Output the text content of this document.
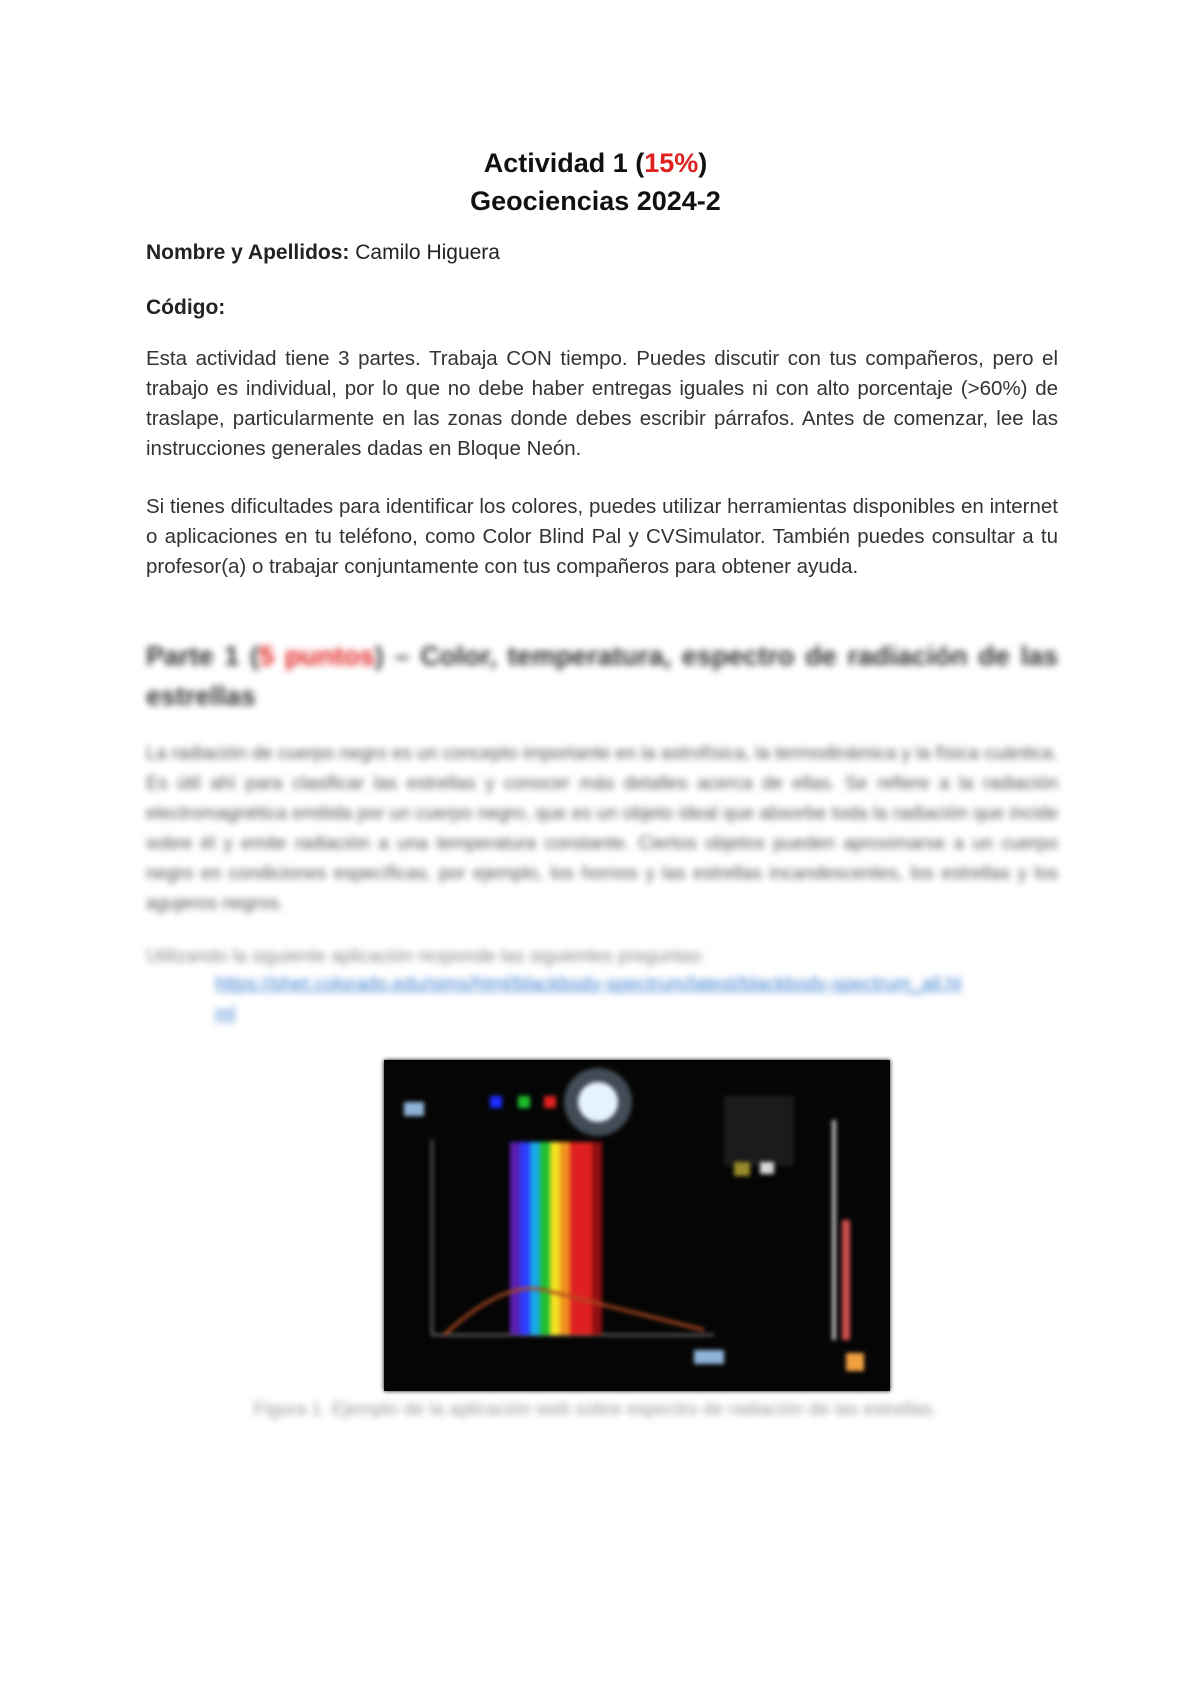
Actividad 1 (15%)
Geociencias 2024-2
Nombre y Apellidos: Camilo Higuera
Código:
Esta actividad tiene 3 partes. Trabaja CON tiempo. Puedes discutir con tus compañeros, pero el trabajo es individual, por lo que no debe haber entregas iguales ni con alto porcentaje (>60%) de traslape, particularmente en las zonas donde debes escribir párrafos. Antes de comenzar, lee las instrucciones generales dadas en Bloque Neón.
Si tienes dificultades para identificar los colores, puedes utilizar herramientas disponibles en internet o aplicaciones en tu teléfono, como Color Blind Pal y CVSimulator. También puedes consultar a tu profesor(a) o trabajar conjuntamente con tus compañeros para obtener ayuda.
Parte 1 (5 puntos) – Color, temperatura, espectro de radiación de las estrellas
La radiación de cuerpo negro es un concepto importante en la astrofísica, la termodinámica y la física cuántica. Es útil ahí para clasificar las estrellas y conocer más detalles acerca de ellas. Se refiere a la radiación electromagnética emitida por un cuerpo negro, que es un objeto ideal que absorbe toda la radiación que incide sobre él y emite radiación a una temperatura constante. Ciertos objetos pueden aproximarse a un cuerpo negro en condiciones específicas, por ejemplo, los hornos y las estrellas incandescentes, los estrellas y los agujeros negros.
Utilizando la siguiente aplicación responde las siguientes preguntas:
https://phet.colorado.edu/sims/html/blackbody-spectrum/latest/blackbody-spectrum_all.html
Figura 1. Ejemplo de la aplicación web sobre espectro de radiación de las estrellas.
